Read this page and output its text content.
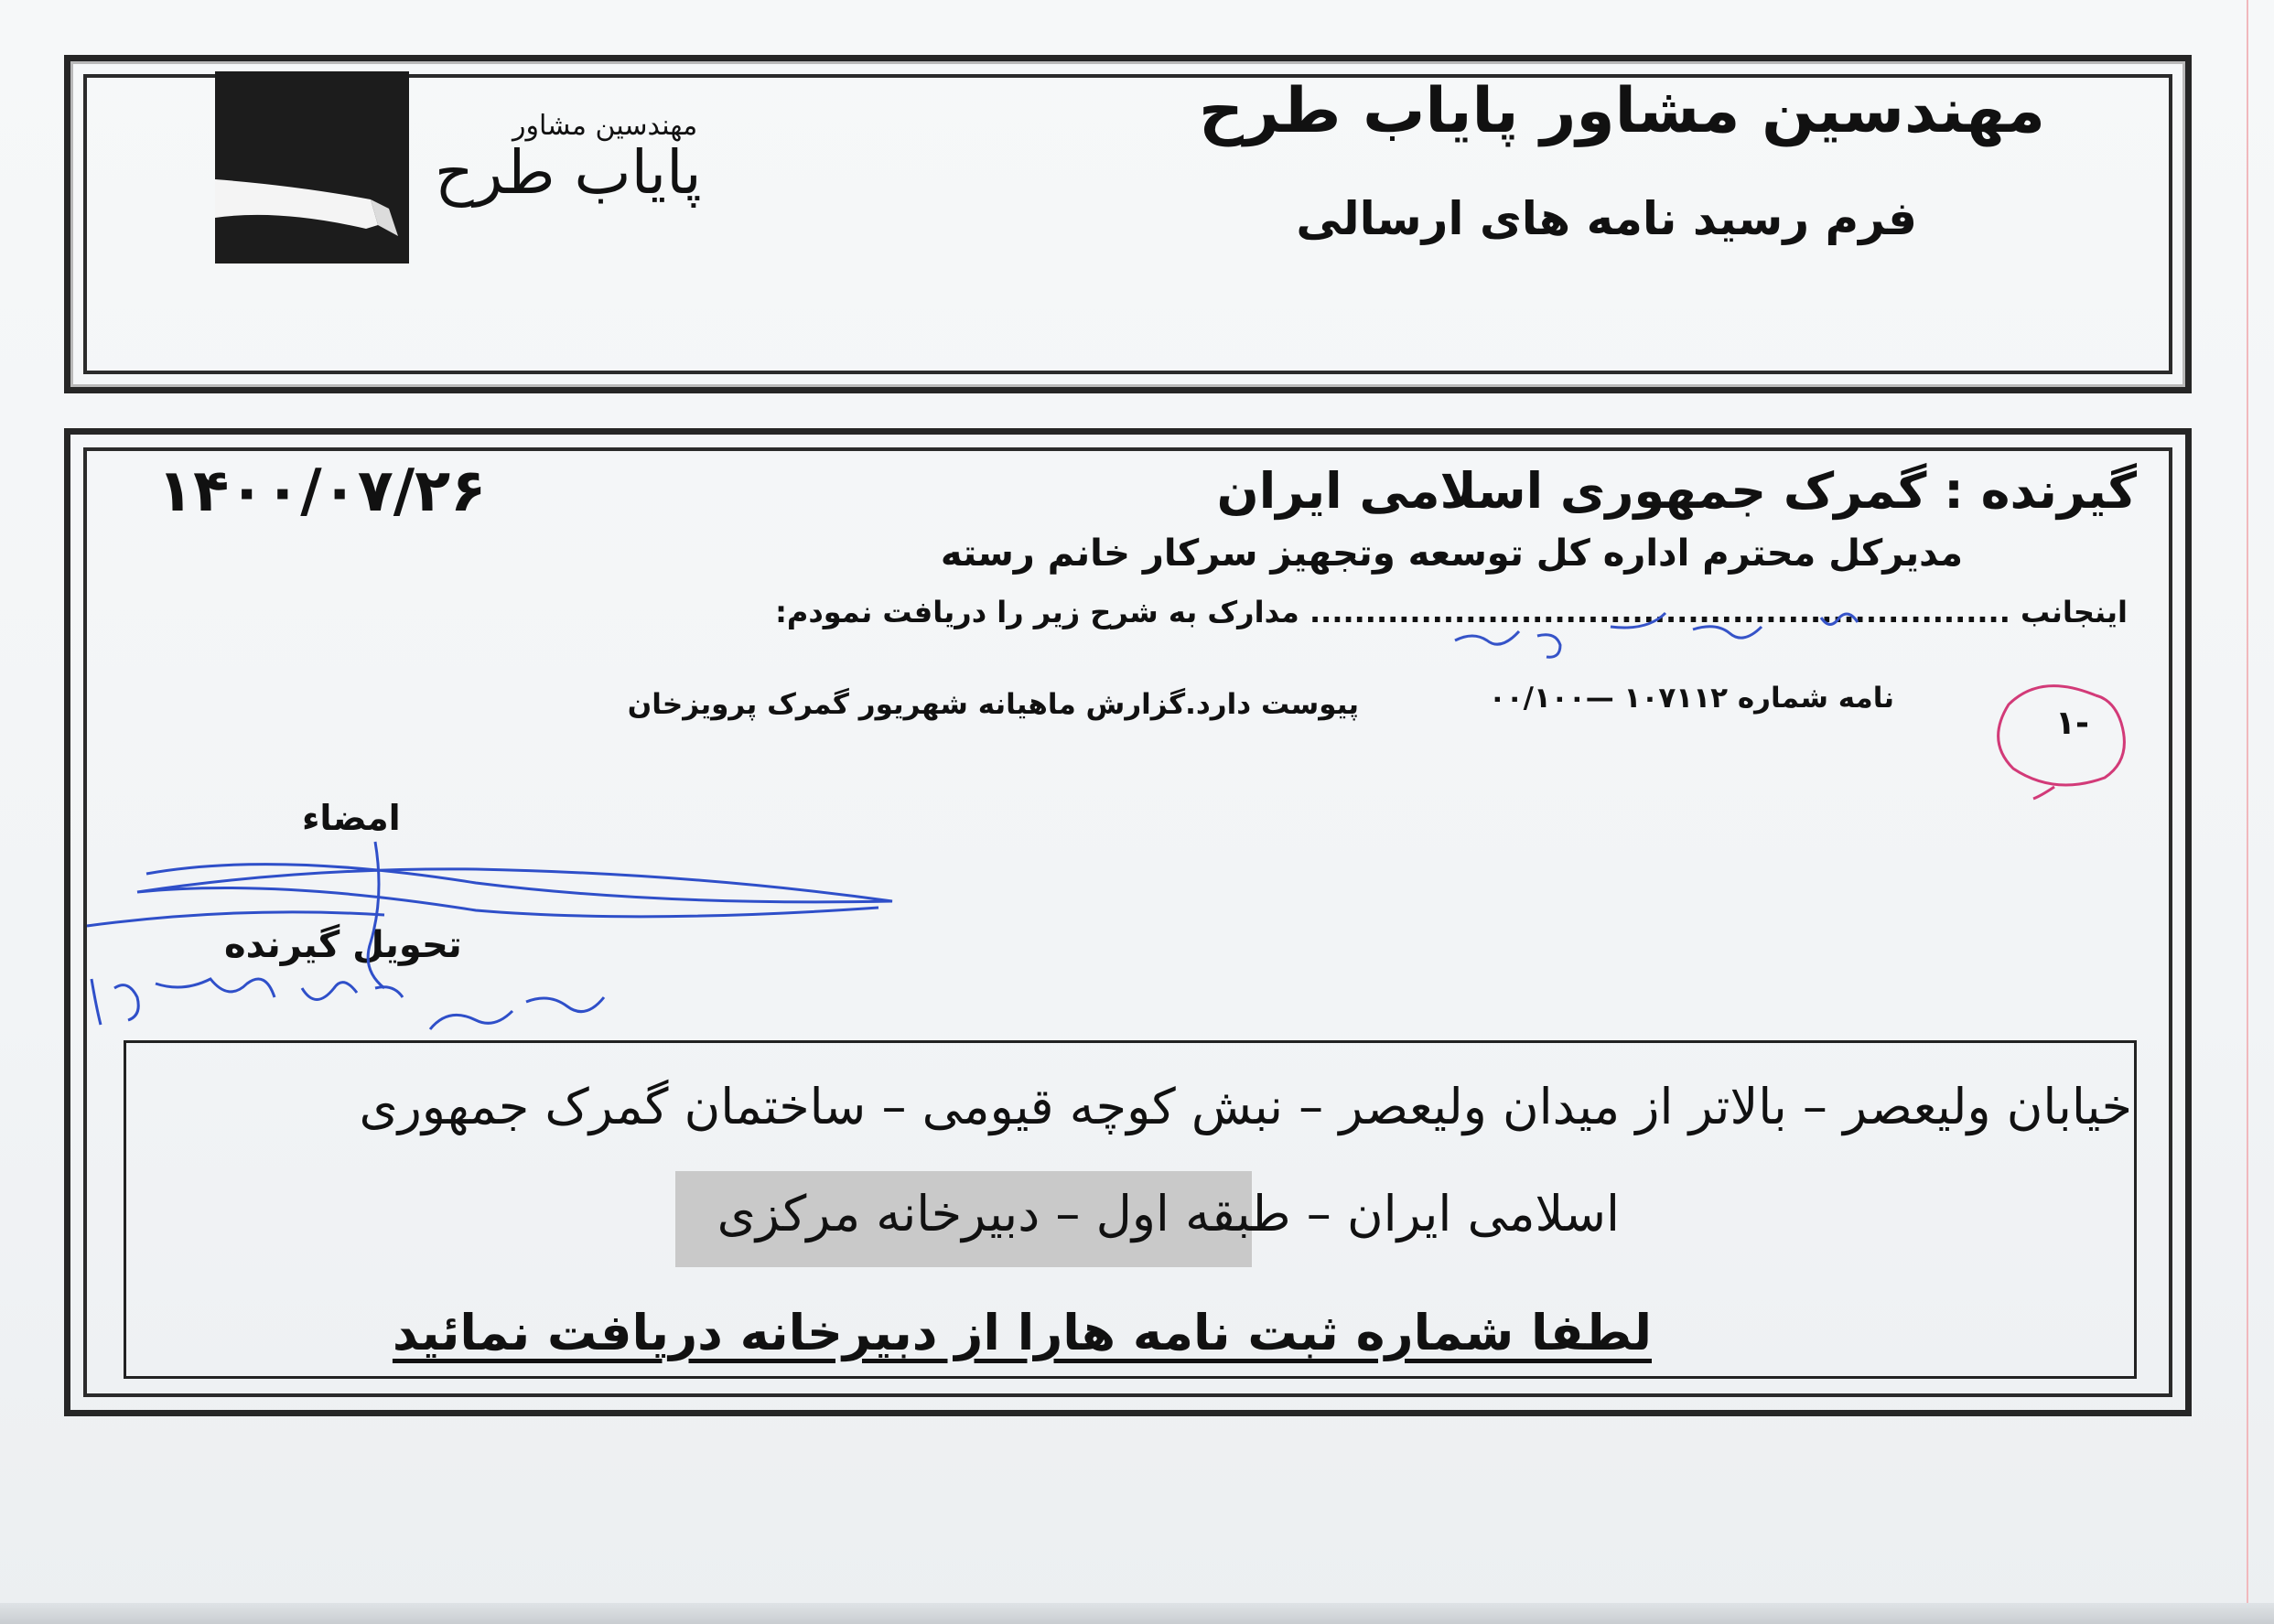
مهندسین مشاور پایاب طرح
فرم رسید نامه های ارسالی
مهندسین مشاور
پایاب طرح
۱۴۰۰/۰۷/۲۶	گیرنده : گمرک جمهوری اسلامی ایران
مدیرکل محترم اداره کل توسعه وتجهیز سرکار خانم رسته
اینجانب ............................................................... مدارک به شرح زیر را دریافت نمودم:
نامه شماره ۱۰۷۱۱۲ —۰۰/۱۰۰
پیوست دارد.گزارش ماهیانه شهریور گمرک پرویزخان	۱-
امضاء
تحویل گیرنده
خیابان ولیعصر – بالاتر از میدان ولیعصر – نبش کوچه قیومی – ساختمان گمرک جمهوری
اسلامی ایران – طبقه اول – دبیرخانه مرکزی
لطفا شماره ثبت نامه هارا از دبیرخانه دریافت نمائید
